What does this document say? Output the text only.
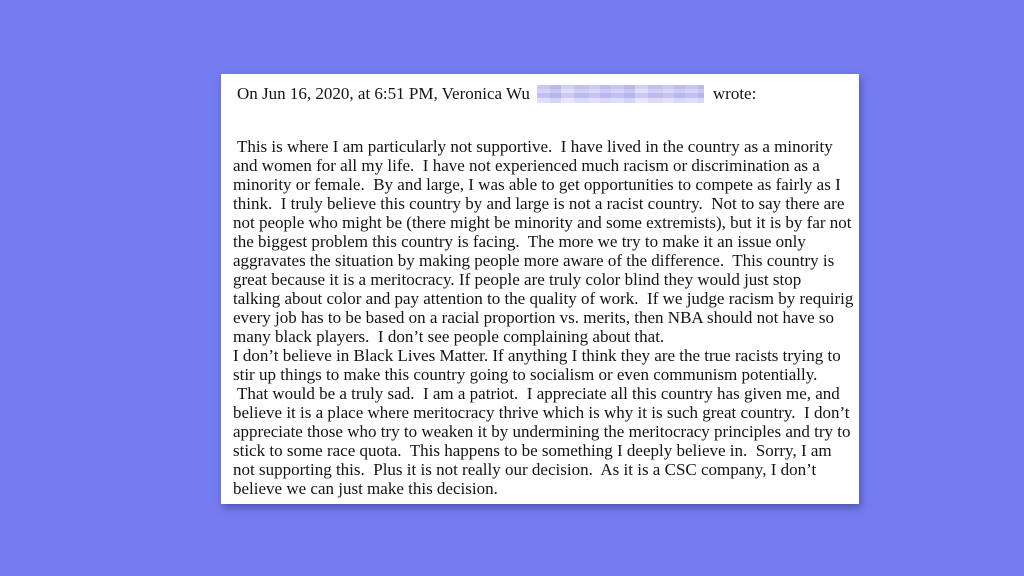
On Jun 16, 2020, at 6:51 PM, Veronica Wu	wrote:
This is where I am particularly not supportive.  I have lived in the country as a minority
and women for all my life.  I have not experienced much racism or discrimination as a
minority or female.  By and large, I was able to get opportunities to compete as fairly as I
think.  I truly believe this country by and large is not a racist country.  Not to say there are
not people who might be (there might be minority and some extremists), but it is by far not
the biggest problem this country is facing.  The more we try to make it an issue only
aggravates the situation by making people more aware of the difference.  This country is
great because it is a meritocracy. If people are truly color blind they would just stop
talking about color and pay attention to the quality of work.  If we judge racism by requirig
every job has to be based on a racial proportion vs. merits, then NBA should not have so
many black players.  I don’t see people complaining about that.
I don’t believe in Black Lives Matter. If anything I think they are the true racists trying to
stir up things to make this country going to socialism or even communism potentially.
That would be a truly sad.  I am a patriot.  I appreciate all this country has given me, and
believe it is a place where meritocracy thrive which is why it is such great country.  I don’t
appreciate those who try to weaken it by undermining the meritocracy principles and try to
stick to some race quota.  This happens to be something I deeply believe in.  Sorry, I am
not supporting this.  Plus it is not really our decision.  As it is a CSC company, I don’t
believe we can just make this decision.
